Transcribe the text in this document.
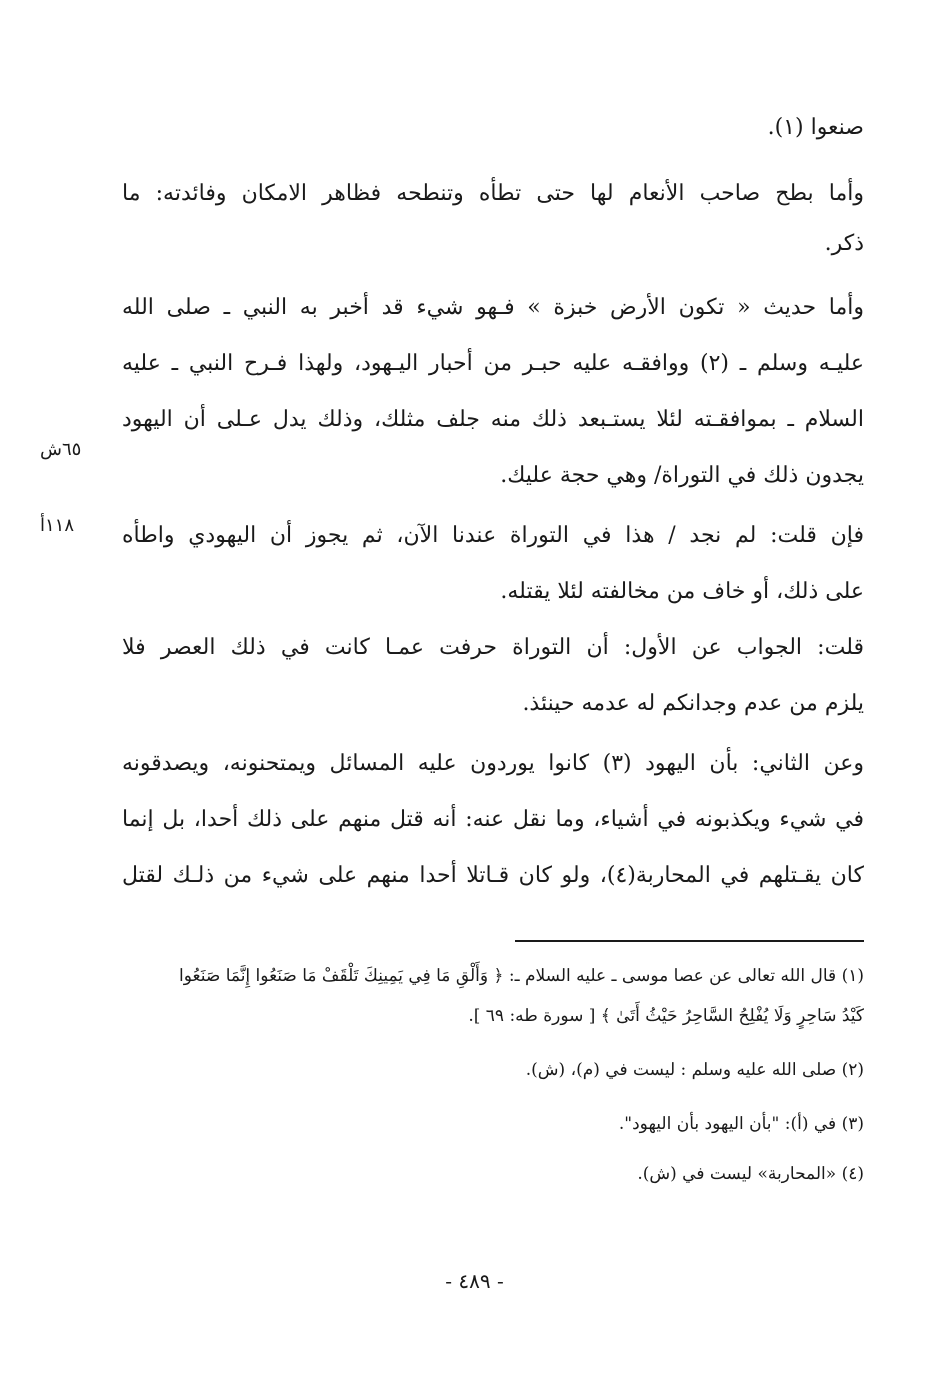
صنعوا (١).
وأما بطح صاحب الأنعام لها حتى تطأه وتنطحه فظاهر الامكان وفائدته: ما
ذكر.
وأما حديث « تكون الأرض خبزة » فـهو شيء قد أخبر به النبي ـ صلى الله
عليـه وسلم ـ (٢) ووافقـه عليه حبـر من أحبار اليـهود، ولهذا فـرح النبي ـ عليه
السلام ـ بموافقـته لئلا يستـبعد ذلك منه جلف مثلك، وذلك يدل عـلى أن اليهود
يجدون ذلك في التوراة/ وهي حجة عليك.
فإن قلت: لم نجد / هذا في التوراة عندنا الآن، ثم يجوز أن اليهودي واطأه
على ذلك، أو خاف من مخالفته لئلا يقتله.
قلت: الجواب عن الأول: أن التوراة حرفت عمـا كانت في ذلك العصر فلا
يلزم من عدم وجدانكم له عدمه حينئذ.
وعن الثاني: بأن اليهود (٣) كانوا يوردون عليه المسائل ويمتحنونه، ويصدقونه
في شيء ويكذبونه في أشياء، وما نقل عنه: أنه قتل منهم على ذلك أحدا، بل إنما
كان يقـتلهم في المحاربة(٤)، ولو كان قـاتلا أحدا منهم على شيء من ذلـك لقتل
٦٥ش
١١٨أ
(١) قال الله تعالى عن عصا موسى ـ عليه السلام ـ: ﴿ وَأَلْقِ مَا فِي يَمِينِكَ تَلْقَفْ مَا صَنَعُوا إِنَّمَا صَنَعُوا
كَيْدُ سَاحِرٍ وَلَا يُفْلِحُ السَّاحِرُ حَيْثُ أَتَىٰ ﴾ [ سورة طه: ٦٩ ].
(٢) صلى الله عليه وسلم : ليست في (م)، (ش).
(٣) في (أ): "بأن اليهود بأن اليهود".
(٤) «المحاربة» ليست في (ش).
- ٤٨٩ -
